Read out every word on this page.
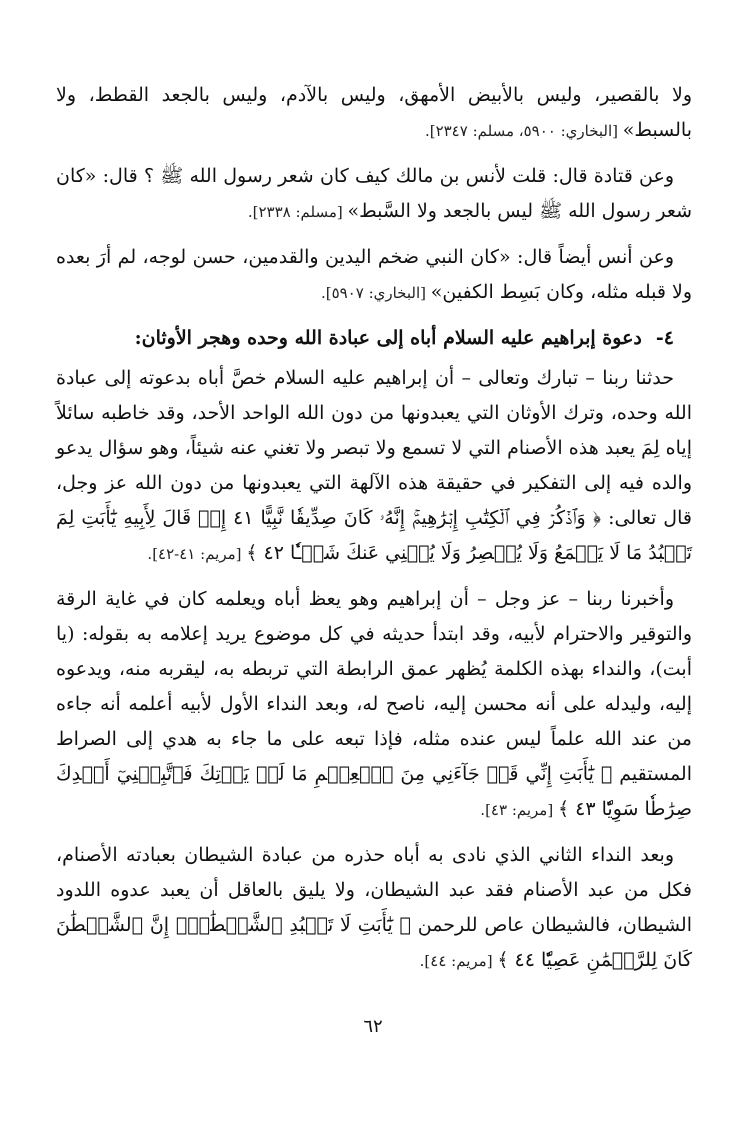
ولا بالقصير، وليس بالأبيض الأمهق، وليس بالآدم، وليس بالجعد القطط، ولا بالسبط» [البخاري: ٥٩٠٠، مسلم: ٢٣٤٧].

وعن قتادة قال: قلت لأنس بن مالك كيف كان شعر رسول الله ﷺ ؟ قال: «كان شعر رسول الله ﷺ ليس بالجعد ولا السَّبط» [مسلم: ٢٣٣٨].

وعن أنس أيضاً قال: «كان النبي ضخم اليدين والقدمين، حسن لوجه، لم أرَ بعده ولا قبله مثله، وكان بَسِط الكفين» [البخاري: ٥٩٠٧].

٤-دعوة إبراهيم عليه السلام أباه إلى عبادة الله وحده وهجر الأوثان:

حدثنا ربنا – تبارك وتعالى – أن إبراهيم عليه السلام خصَّ أباه بدعوته إلى عبادة الله وحده، وترك الأوثان التي يعبدونها من دون الله الواحد الأحد، وقد خاطبه سائلاً إياه لِمَ يعبد هذه الأصنام التي لا تسمع ولا تبصر ولا تغني عنه شيئاً، وهو سؤال يدعو والده فيه إلى التفكير في حقيقة هذه الآلهة التي يعبدونها من دون الله عز وجل، قال تعالى: ﴿ وَٱذۡكُرۡ فِي ٱلۡكِتَٰبِ إِبۡرَٰهِيمَۚ إِنَّهُۥ كَانَ صِدِّيقٗا نَّبِيًّا ٤١ إِذۡ قَالَ لِأَبِيهِ يَٰٓأَبَتِ لِمَ تَعۡبُدُ مَا لَا يَسۡمَعُ وَلَا يُبۡصِرُ وَلَا يُغۡنِي عَنكَ شَيۡـٔٗا ٤٢ ﴾ [مريم: ٤١-٤٢].

وأخبرنا ربنا – عز وجل – أن إبراهيم وهو يعظ أباه ويعلمه كان في غاية الرقة والتوقير والاحترام لأبيه، وقد ابتدأ حديثه في كل موضوع يريد إعلامه به بقوله: (يا أبت)، والنداء بهذه الكلمة يُظهر عمق الرابطة التي تربطه به، ليقربه منه، ويدعوه إليه، وليدله على أنه محسن إليه، ناصح له، وبعد النداء الأول لأبيه أعلمه أنه جاءه من عند الله علماً ليس عنده مثله، فإذا تبعه على ما جاء به هدي إلى الصراط المستقيم ﴿ يَٰٓأَبَتِ إِنِّي قَدۡ جَآءَنِي مِنَ ٱلۡعِلۡمِ مَا لَمۡ يَأۡتِكَ فَٱتَّبِعۡنِيٓ أَهۡدِكَ صِرَٰطٗا سَوِيّٗا ٤٣ ﴾ [مريم: ٤٣].

وبعد النداء الثاني الذي نادى به أباه حذره من عبادة الشيطان بعبادته الأصنام، فكل من عبد الأصنام فقد عبد الشيطان، ولا يليق بالعاقل أن يعبد عدوه اللدود الشيطان، فالشيطان عاص للرحمن ﴿ يَٰٓأَبَتِ لَا تَعۡبُدِ ٱلشَّيۡطَٰنَۖ إِنَّ ٱلشَّيۡطَٰنَ كَانَ لِلرَّحۡمَٰنِ عَصِيّٗا ٤٤ ﴾ [مريم: ٤٤].

٦٢
